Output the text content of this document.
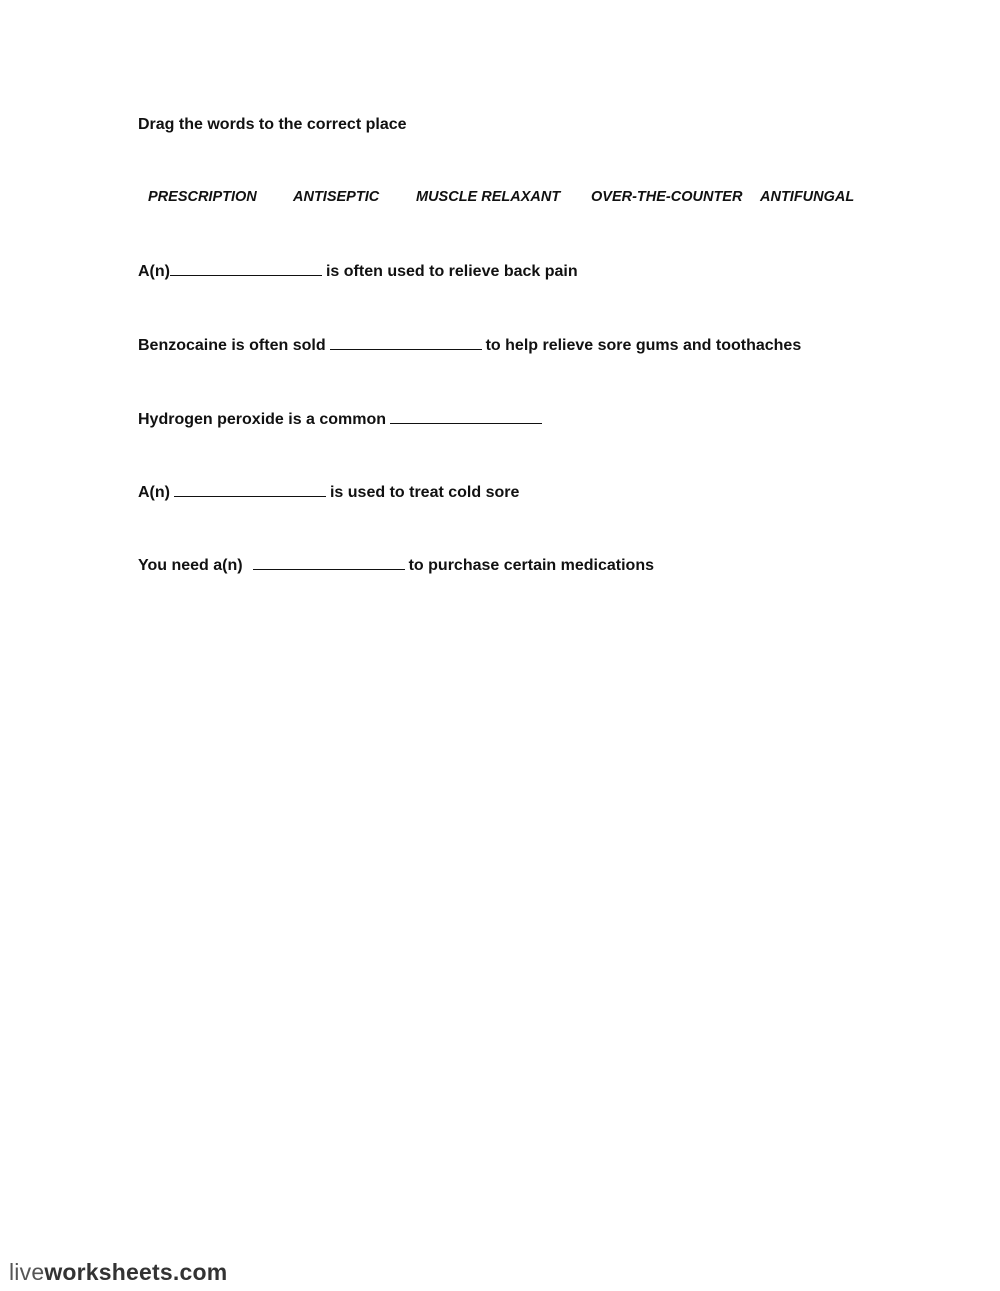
Drag the words to the correct place
PRESCRIPTION ANTISEPTIC	MUSCLE RELAXANT OVER-THE-COUNTER ANTIFUNGAL
A(n)	is often used to relieve back pain
Benzocaine is often sold	to help relieve sore gums and toothaches
Hydrogen peroxide is a common
A(n)	is used to treat cold sore
You need a(n)	to purchase certain medications
liveworksheets.com
